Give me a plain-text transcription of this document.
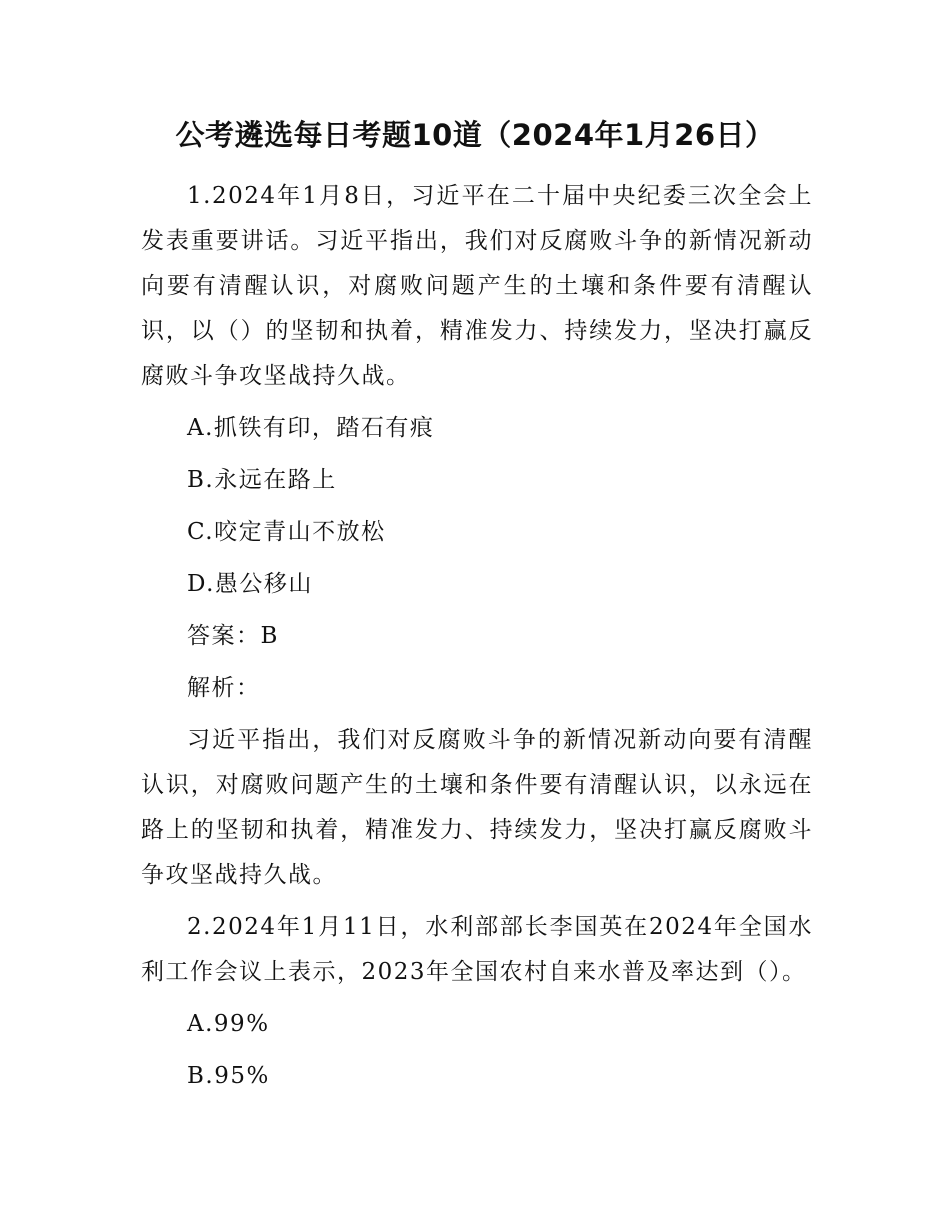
公考遴选每日考题10道（2024年1月26日）

1.2024年1月8日，习近平在二十届中央纪委三次全会上发表重要讲话。习近平指出，我们对反腐败斗争的新情况新动向要有清醒认识，对腐败问题产生的土壤和条件要有清醒认识，以（）的坚韧和执着，精准发力、持续发力，坚决打赢反腐败斗争攻坚战持久战。

A.抓铁有印，踏石有痕

B.永远在路上

C.咬定青山不放松

D.愚公移山

答案：B

解析：

习近平指出，我们对反腐败斗争的新情况新动向要有清醒认识，对腐败问题产生的土壤和条件要有清醒认识，以永远在路上的坚韧和执着，精准发力、持续发力，坚决打赢反腐败斗争攻坚战持久战。

2.2024年1月11日，水利部部长李国英在2024年全国水利工作会议上表示，2023年全国农村自来水普及率达到（）。

A.99%

B.95%
